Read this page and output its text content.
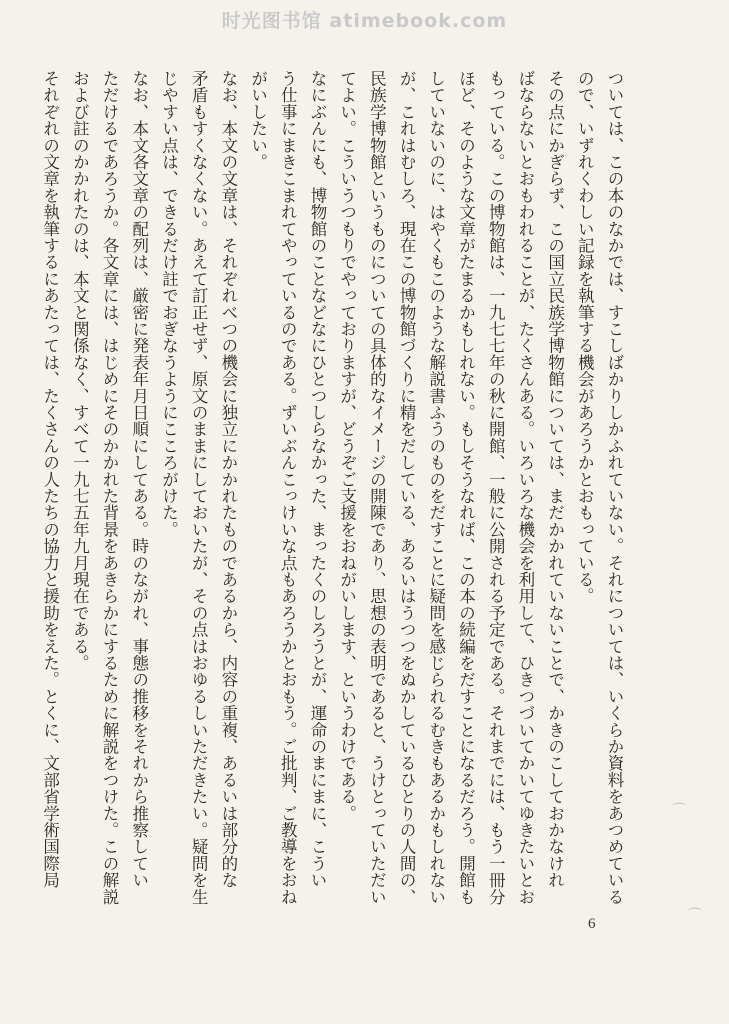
时光图书馆 atimebook.com
ついては、この本のなかでは、すこしばかりしかふれていない。それについては、いくらか資料をあつめている
ので、いずれくわしい記録を執筆する機会があろうかとおもっている。
その点にかぎらず、この国立民族学博物館については、まだかかれていないことで、かきのこしておかなけれ
ばならないとおもわれることが、たくさんある。いろいろな機会を利用して、ひきつづいてかいてゆきたいとお
もっている。この博物館は、一九七七年の秋に開館、一般に公開される予定である。それまでには、もう一冊分
ほど、そのような文章がたまるかもしれない。もしそうなれば、この本の続編をだすことになるだろう。開館も
していないのに、はやくもこのような解説書ふうのものをだすことに疑問を感じられるむきもあるかもしれない
が、これはむしろ、現在この博物館づくりに精をだしている、あるいはうつつをぬかしているひとりの人間の、
民族学博物館というものについての具体的なイメージの開陳であり、思想の表明であると、うけとっていただい
てよい。こういうつもりでやっておりますが、どうぞご支援をおねがいします、というわけである。
なにぶんにも、博物館のことなどなにひとつしらなかった、まったくのしろうとが、運命のまにまに、こうい
う仕事にまきこまれてやっているのである。ずいぶんこっけいな点もあろうかとおもう。ご批判、ご教導をおね
がいしたい。
なお、本文の文章は、それぞれべつの機会に独立にかかれたものであるから、内容の重複、あるいは部分的な
矛盾もすくなくない。あえて訂正せず、原文のままにしておいたが、その点はおゆるしいただきたい。疑問を生
じやすい点は、できるだけ註でおぎなうようにこころがけた。
なお、本文各文章の配列は、厳密に発表年月日順にしてある。時のながれ、事態の推移をそれから推察してい
ただけるであろうか。各文章には、はじめにそのかかれた背景をあきらかにするために解説をつけた。この解説
および註のかかれたのは、本文と関係なく、すべて一九七五年九月現在である。
それぞれの文章を執筆するにあたっては、たくさんの人たちの協力と援助をえた。とくに、文部省学術国際局
6
⌒
⌒
